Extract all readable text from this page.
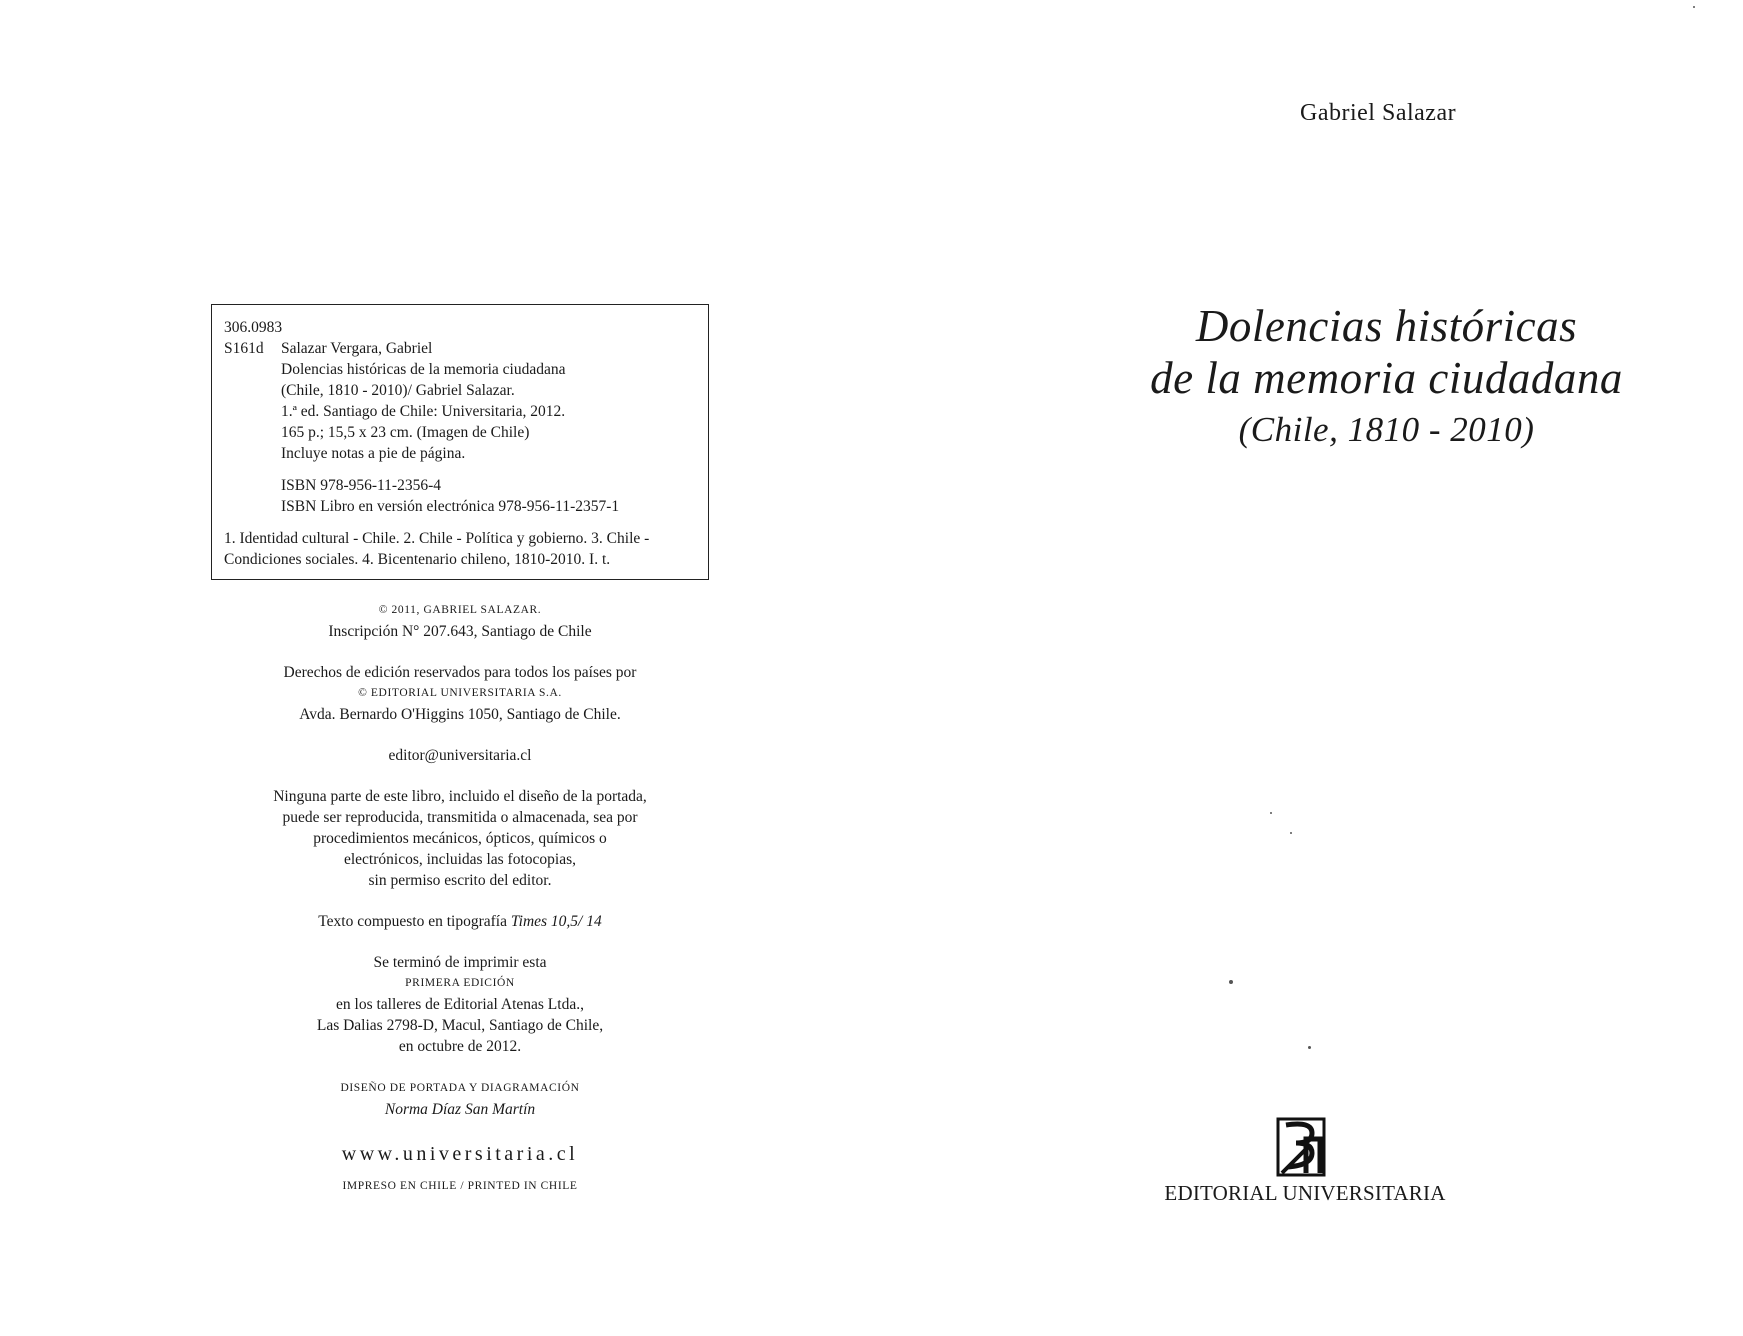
306.0983
S161d	Salazar Vergara, Gabriel
Dolencias históricas de la memoria ciudadana
(Chile, 1810 - 2010)/ Gabriel Salazar.
1.ª ed. Santiago de Chile: Universitaria, 2012.
165 p.; 15,5 x 23 cm. (Imagen de Chile)
Incluye notas a pie de página.
ISBN 978-956-11-2356-4
ISBN Libro en versión electrónica 978-956-11-2357-1
1. Identidad cultural - Chile. 2. Chile - Política y gobierno. 3. Chile -
Condiciones sociales. 4. Bicentenario chileno, 1810-2010. I. t.
© 2011, GABRIEL SALAZAR.
Inscripción N° 207.643, Santiago de Chile
Derechos de edición reservados para todos los países por
© EDITORIAL UNIVERSITARIA S.A.
Avda. Bernardo O'Higgins 1050, Santiago de Chile.
editor@universitaria.cl
Ninguna parte de este libro, incluido el diseño de la portada,
puede ser reproducida, transmitida o almacenada, sea por
procedimientos mecánicos, ópticos, químicos o
electrónicos, incluidas las fotocopias,
sin permiso escrito del editor.
Texto compuesto en tipografía Times 10,5/ 14
Se terminó de imprimir esta
PRIMERA EDICIÓN
en los talleres de Editorial Atenas Ltda.,
Las Dalias 2798-D, Macul, Santiago de Chile,
en octubre de 2012.
DISEÑO DE PORTADA Y DIAGRAMACIÓN
Norma Díaz San Martín
www.universitaria.cl
IMPRESO EN CHILE / PRINTED IN CHILE
Gabriel Salazar
Dolencias históricas
de la memoria ciudadana
(Chile, 1810 - 2010)
EDITORIAL UNIVERSITARIA
